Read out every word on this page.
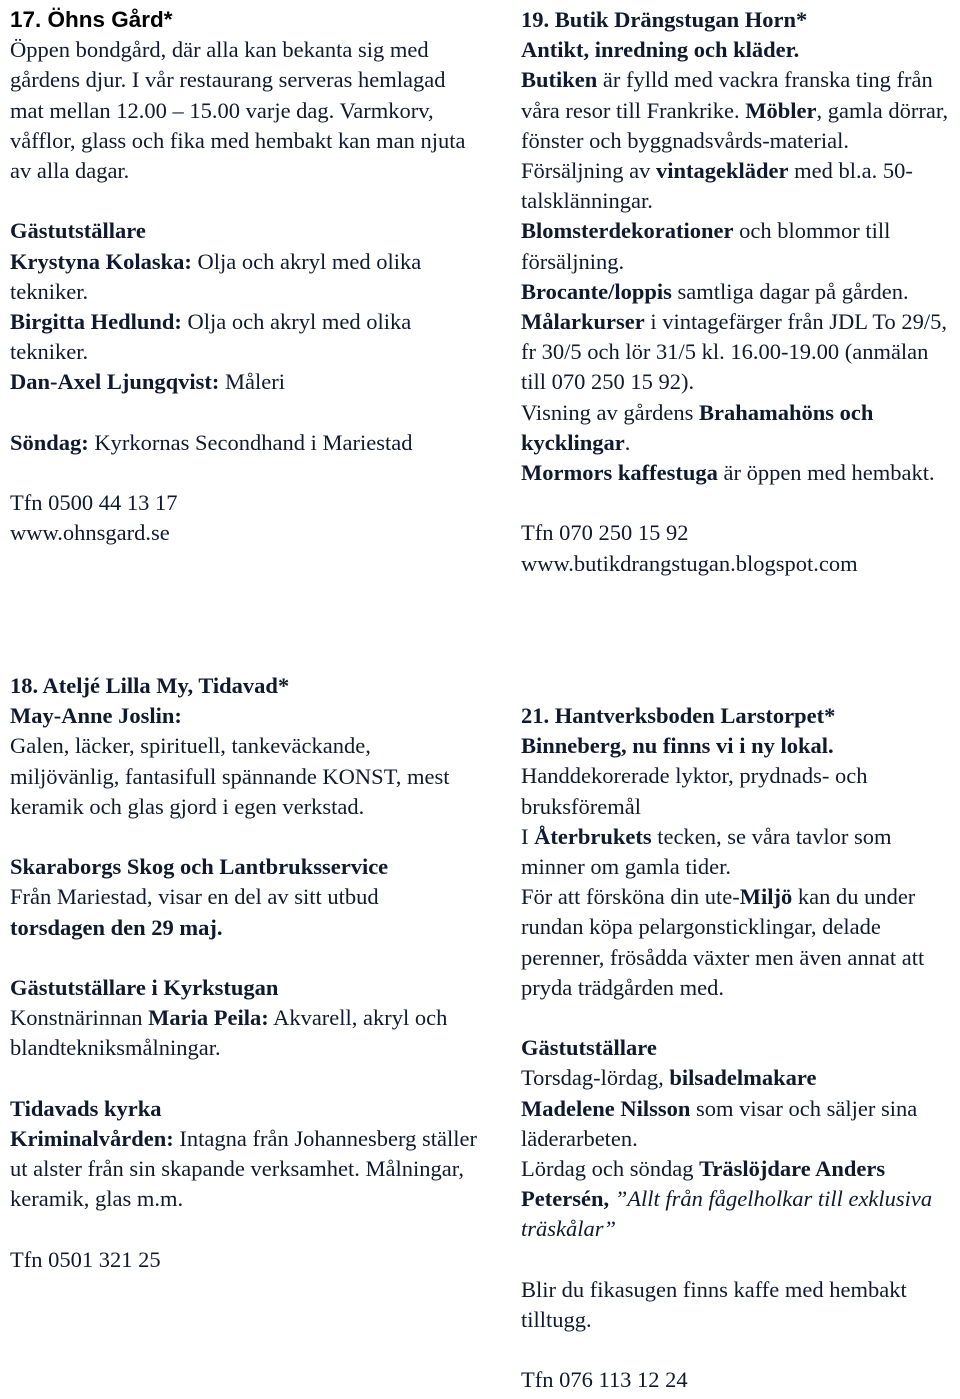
17. Öhns Gård*

Öppen bondgård, där alla kan bekanta sig med gårdens djur. I vår restaurang serveras hemlagad mat mellan 12.00 – 15.00 varje dag. Varmkorv, våfflor, glass och fika med hembakt kan man njuta av alla dagar.

Gästutställare

Krystyna Kolaska: Olja och akryl med olika tekniker.

Birgitta Hedlund: Olja och akryl med olika tekniker.

Dan-Axel Ljungqvist: Måleri

Söndag: Kyrkornas Secondhand i Mariestad

Tfn 0500 44 13 17

www.ohnsgard.se

18. Ateljé Lilla My, Tidavad*

May-Anne Joslin:

Galen, läcker, spirituell, tankeväckande, miljövänlig, fantasifull spännande KONST, mest keramik och glas gjord i egen verkstad.

Skaraborgs Skog och Lantbruksservice

Från Mariestad, visar en del av sitt utbud

torsdagen den 29 maj.

Gästutställare i Kyrkstugan

Konstnärinnan Maria Peila: Akvarell, akryl och blandtekniksmålningar.

Tidavads kyrka

Kriminalvården: Intagna från Johannesberg ställer ut alster från sin skapande verksamhet. Målningar, keramik, glas m.m.

Tfn 0501 321 25

19. Butik Drängstugan Horn*

Antikt, inredning och kläder.

Butiken är fylld med vackra franska ting från våra resor till Frankrike. Möbler, gamla dörrar, fönster och byggnadsvårds-material. Försäljning av vintagekläder med bl.a. 50-talsklänningar.

Blomsterdekorationer och blommor till försäljning.

Brocante/loppis samtliga dagar på gården.

Målarkurser i vintagefärger från JDL To 29/5, fr 30/5 och lör 31/5 kl. 16.00-19.00 (anmälan till 070 250 15 92).

Visning av gårdens Brahamahöns och kycklingar.

Mormors kaffestuga är öppen med hembakt.

Tfn 070 250 15 92

www.butikdrangstugan.blogspot.com

21. Hantverksboden Larstorpet*

Binneberg, nu finns vi i ny lokal.

Handdekorerade lyktor, prydnads- och bruksföremål

I Återbrukets tecken, se våra tavlor som minner om gamla tider.

För att försköna din ute-Miljö kan du under rundan köpa pelargonsticklingar, delade perenner, frösådda växter men även annat att pryda trädgården med.

Gästutställare

Torsdag-lördag, bilsadelmakare
Madelene Nilsson som visar och säljer sina läderarbeten.

Lördag och söndag Träslöjdare Anders Petersén, ”Allt från fågelholkar till exklusiva träskålar”

Blir du fikasugen finns kaffe med hembakt tilltugg.

Tfn 076 113 12 24
